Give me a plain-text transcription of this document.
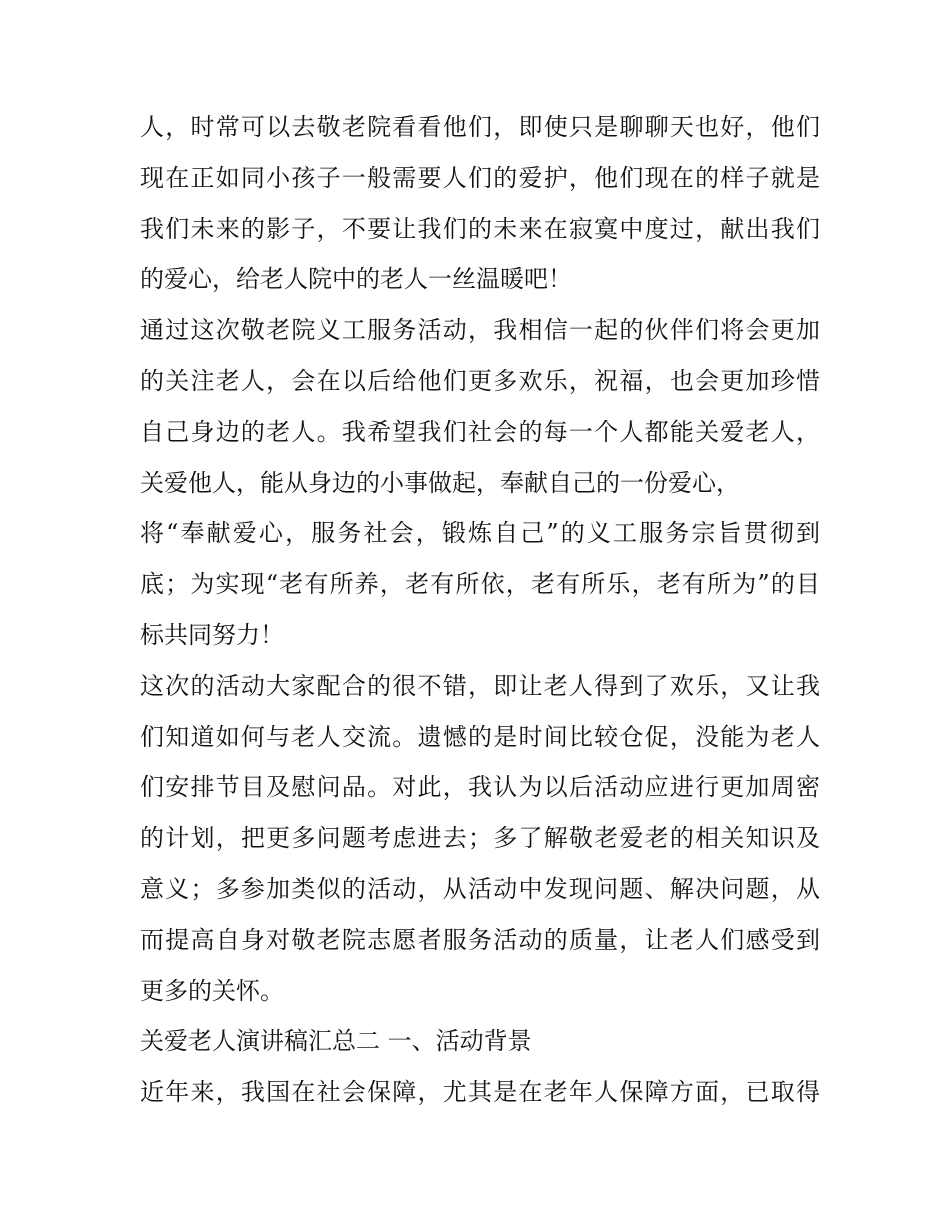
人，时常可以去敬老院看看他们，即使只是聊聊天也好，他们
现在正如同小孩子一般需要人们的爱护，他们现在的样子就是
我们未来的影子，不要让我们的未来在寂寞中度过，献出我们
的爱心，给老人院中的老人一丝温暖吧！
通过这次敬老院义工服务活动，我相信一起的伙伴们将会更加
的关注老人，会在以后给他们更多欢乐，祝福，也会更加珍惜
自己身边的老人。我希望我们社会的每一个人都能关爱老人，
关爱他人，能从身边的小事做起，奉献自己的一份爱心，
将“奉献爱心，服务社会，锻炼自己”的义工服务宗旨贯彻到
底；为实现“老有所养，老有所依，老有所乐，老有所为”的目
标共同努力！
这次的活动大家配合的很不错，即让老人得到了欢乐，又让我
们知道如何与老人交流。遗憾的是时间比较仓促，没能为老人
们安排节目及慰问品。对此，我认为以后活动应进行更加周密
的计划，把更多问题考虑进去；多了解敬老爱老的相关知识及
意义；多参加类似的活动，从活动中发现问题、解决问题，从
而提高自身对敬老院志愿者服务活动的质量，让老人们感受到
更多的关怀。
关爱老人演讲稿汇总二 一、活动背景
近年来，我国在社会保障，尤其是在老年人保障方面，已取得
